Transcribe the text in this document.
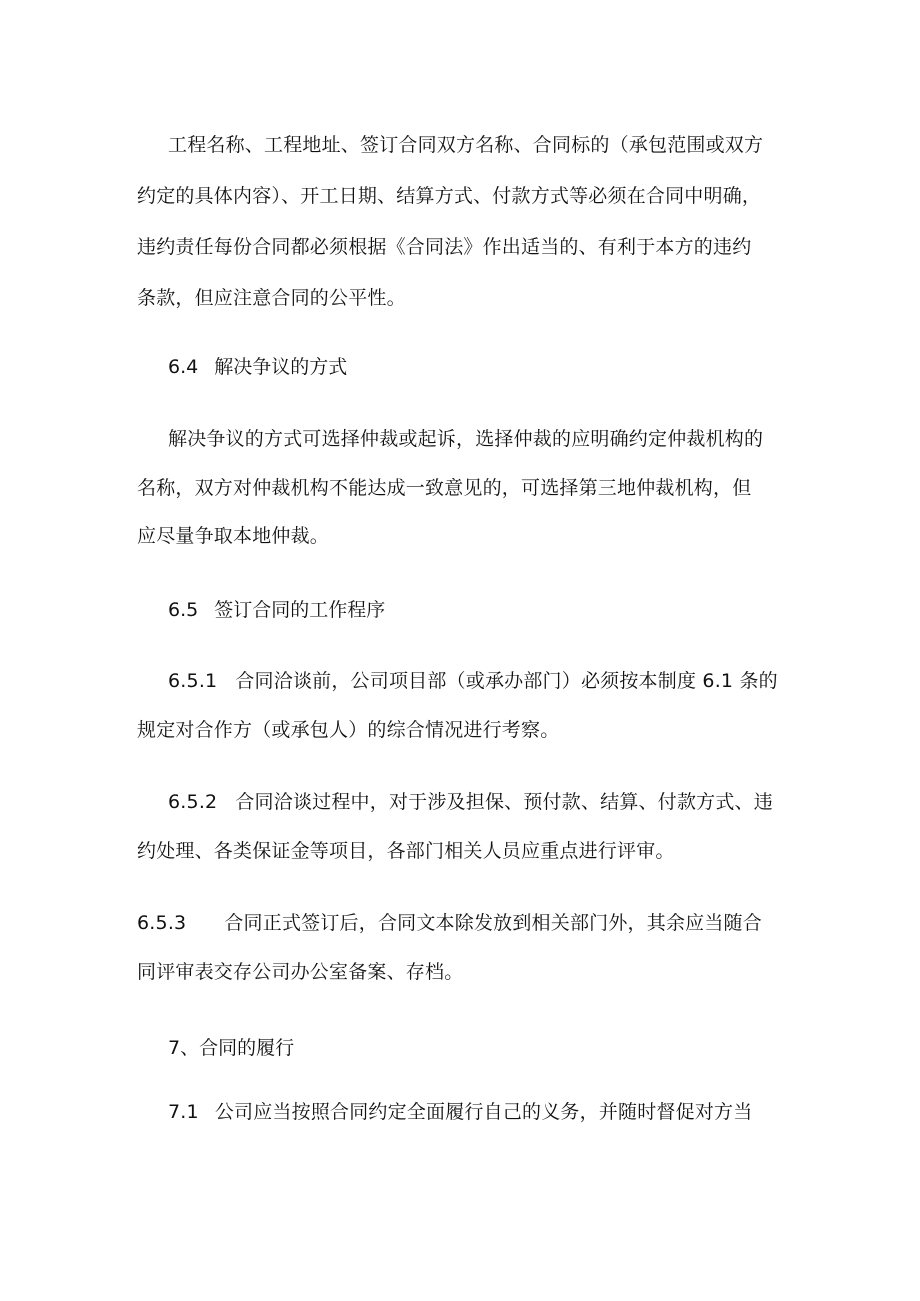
工程名称、工程地址、签订合同双方名称、合同标的（承包范围或双方
约定的具体内容）、开工日期、结算方式、付款方式等必须在合同中明确，
违约责任每份合同都必须根据《合同法》作出适当的、有利于本方的违约
条款，但应注意合同的公平性。
6.4 解决争议的方式
解决争议的方式可选择仲裁或起诉，选择仲裁的应明确约定仲裁机构的
名称，双方对仲裁机构不能达成一致意见的，可选择第三地仲裁机构，但
应尽量争取本地仲裁。
6.5 签订合同的工作程序
6.5.1 合同洽谈前，公司项目部（或承办部门）必须按本制度 6.1 条的
规定对合作方（或承包人）的综合情况进行考察。
6.5.2 合同洽谈过程中，对于涉及担保、预付款、结算、付款方式、违
约处理、各类保证金等项目，各部门相关人员应重点进行评审。
6.5.3 合同正式签订后，合同文本除发放到相关部门外，其余应当随合
同评审表交存公司办公室备案、存档。
7、合同的履行
7.1 公司应当按照合同约定全面履行自己的义务，并随时督促对方当
